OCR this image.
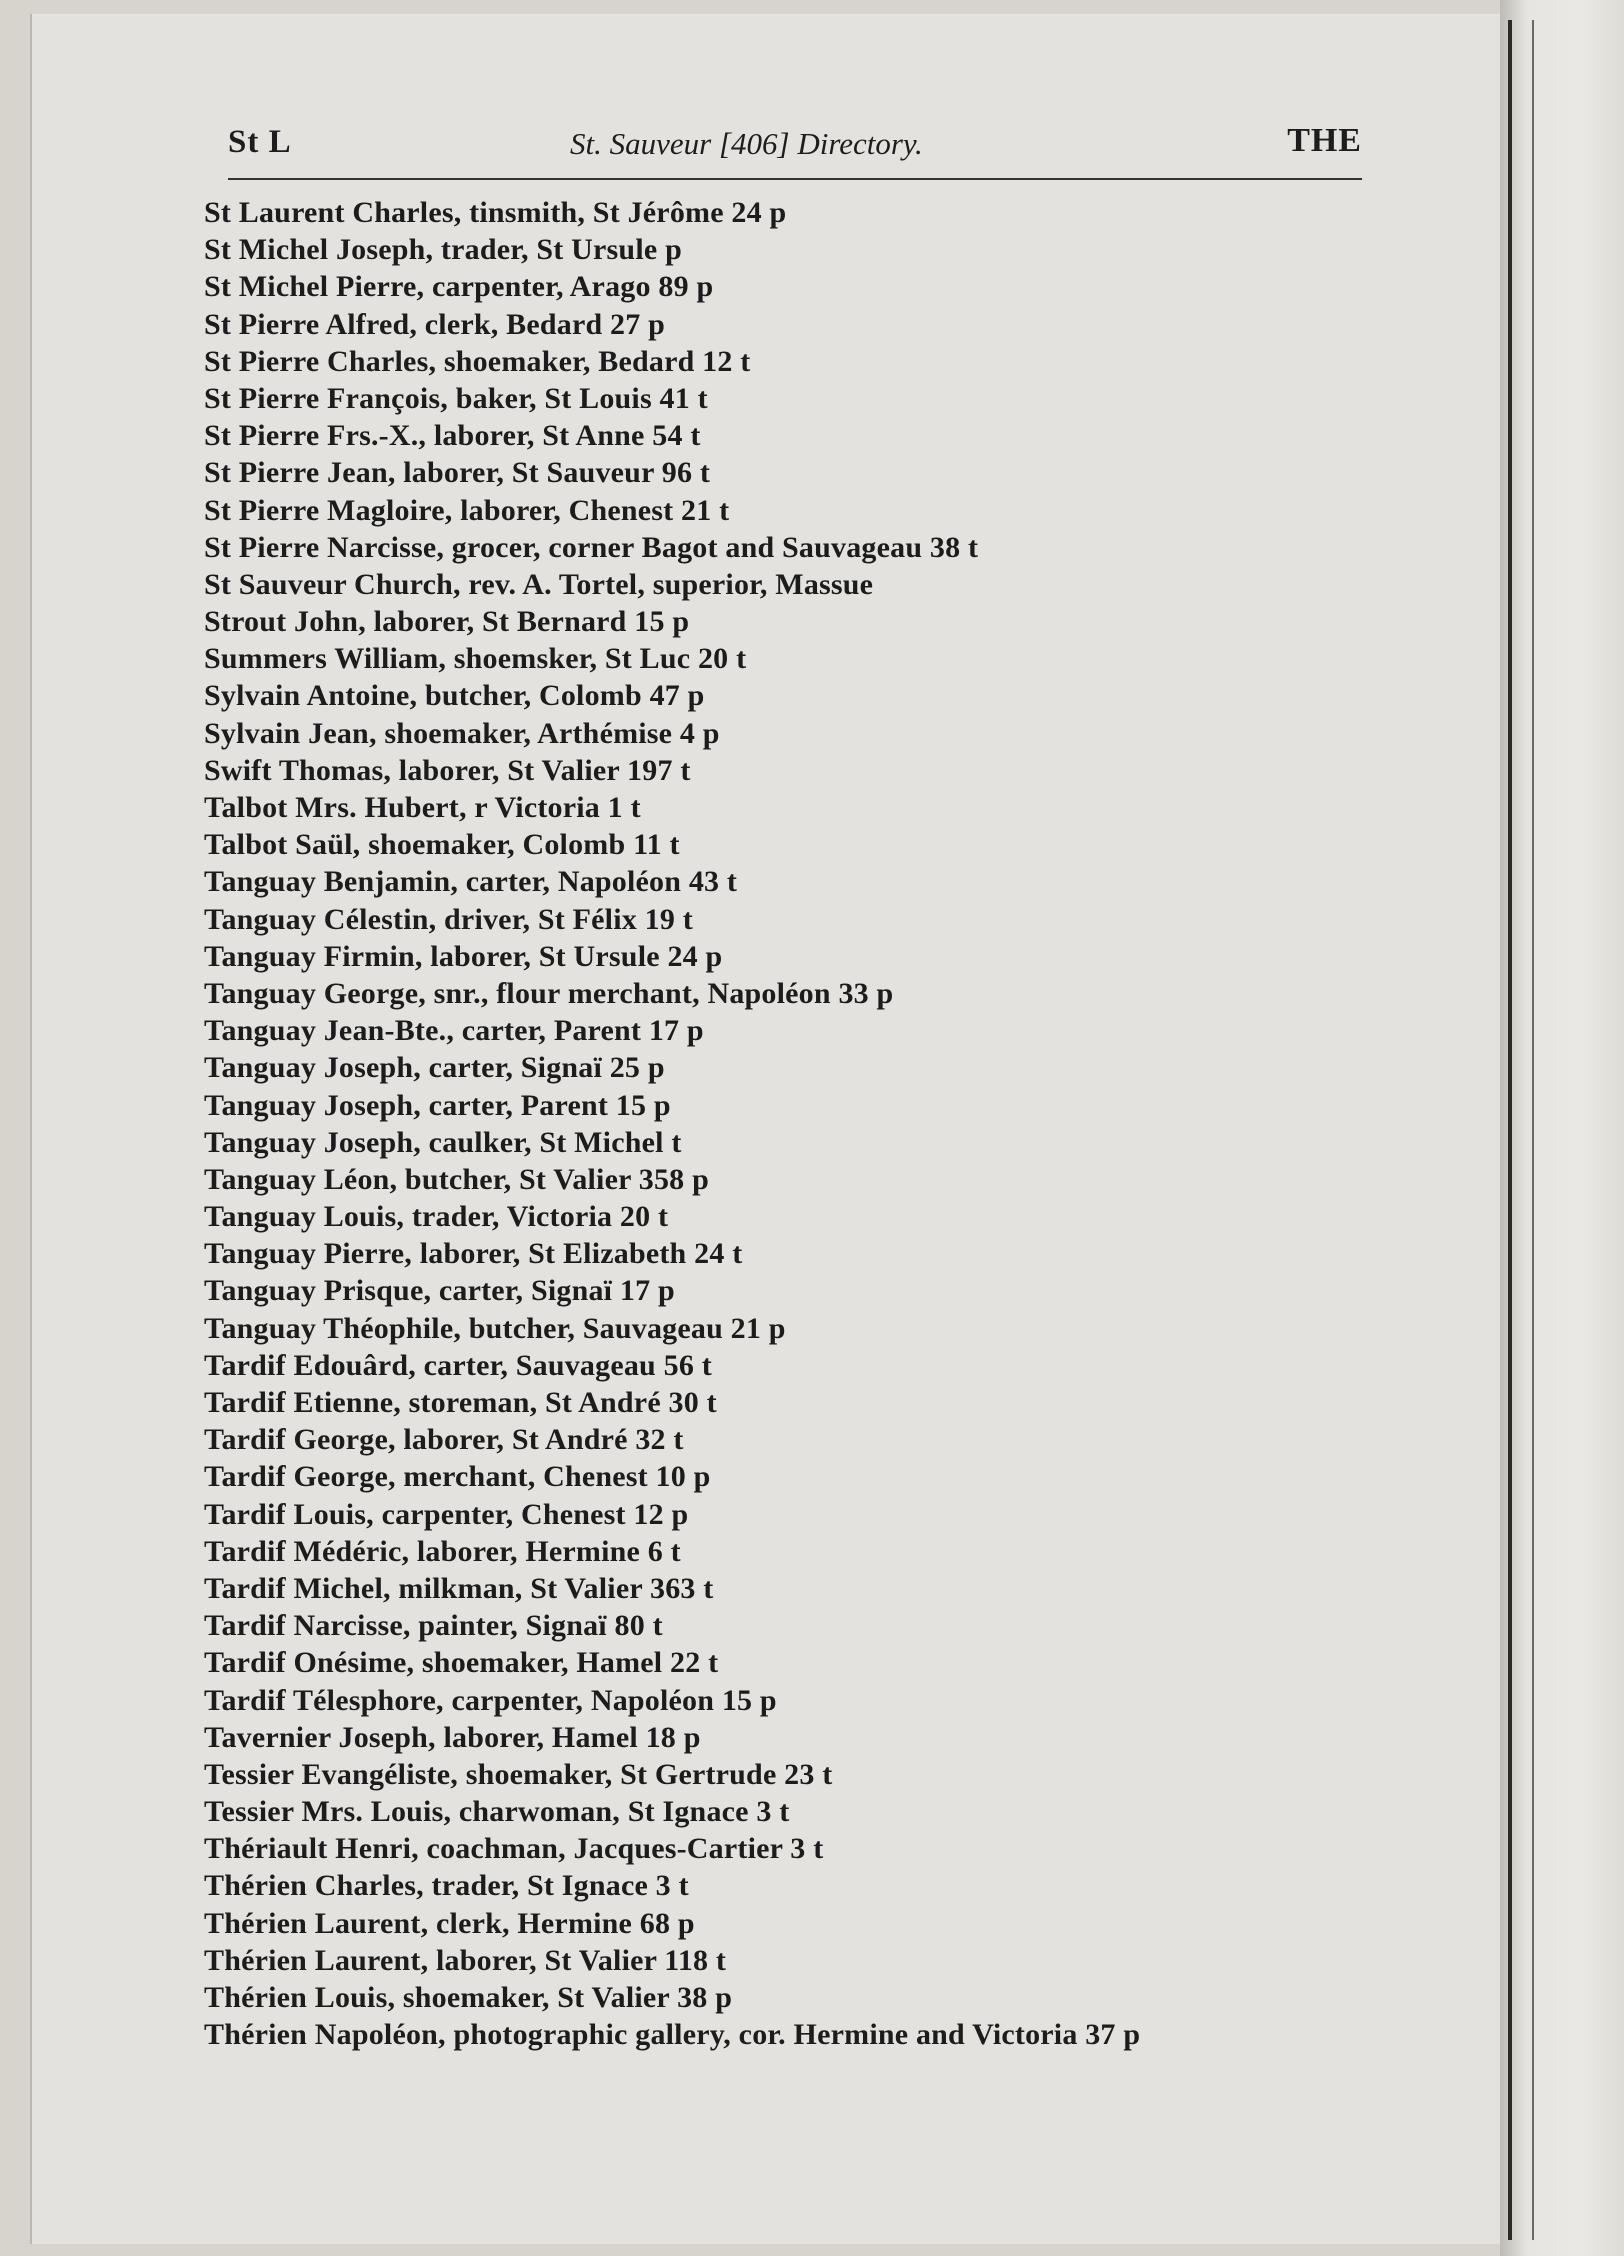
St L	St. Sauveur [406] Directory.	THE
St Laurent Charles, tinsmith, St Jérôme 24 p
St Michel Joseph, trader, St Ursule p
St Michel Pierre, carpenter, Arago 89 p
St Pierre Alfred, clerk, Bedard 27 p
St Pierre Charles, shoemaker, Bedard 12 t
St Pierre François, baker, St Louis 41 t
St Pierre Frs.-X., laborer, St Anne 54 t
St Pierre Jean, laborer, St Sauveur 96 t
St Pierre Magloire, laborer, Chenest 21 t
St Pierre Narcisse, grocer, corner Bagot and Sauvageau 38 t
St Sauveur Church, rev. A. Tortel, superior, Massue
Strout John, laborer, St Bernard 15 p
Summers William, shoemsker, St Luc 20 t
Sylvain Antoine, butcher, Colomb 47 p
Sylvain Jean, shoemaker, Arthémise 4 p
Swift Thomas, laborer, St Valier 197 t
Talbot Mrs. Hubert, r Victoria 1 t
Talbot Saül, shoemaker, Colomb 11 t
Tanguay Benjamin, carter, Napoléon 43 t
Tanguay Célestin, driver, St Félix 19 t
Tanguay Firmin, laborer, St Ursule 24 p
Tanguay George, snr., flour merchant, Napoléon 33 p
Tanguay Jean-Bte., carter, Parent 17 p
Tanguay Joseph, carter, Signaï 25 p
Tanguay Joseph, carter, Parent 15 p
Tanguay Joseph, caulker, St Michel t
Tanguay Léon, butcher, St Valier 358 p
Tanguay Louis, trader, Victoria 20 t
Tanguay Pierre, laborer, St Elizabeth 24 t
Tanguay Prisque, carter, Signaï 17 p
Tanguay Théophile, butcher, Sauvageau 21 p
Tardif Edouârd, carter, Sauvageau 56 t
Tardif Etienne, storeman, St André 30 t
Tardif George, laborer, St André 32 t
Tardif George, merchant, Chenest 10 p
Tardif Louis, carpenter, Chenest 12 p
Tardif Médéric, laborer, Hermine 6 t
Tardif Michel, milkman, St Valier 363 t
Tardif Narcisse, painter, Signaï 80 t
Tardif Onésime, shoemaker, Hamel 22 t
Tardif Télesphore, carpenter, Napoléon 15 p
Tavernier Joseph, laborer, Hamel 18 p
Tessier Evangéliste, shoemaker, St Gertrude 23 t
Tessier Mrs. Louis, charwoman, St Ignace 3 t
Thériault Henri, coachman, Jacques-Cartier 3 t
Thérien Charles, trader, St Ignace 3 t
Thérien Laurent, clerk, Hermine 68 p
Thérien Laurent, laborer, St Valier 118 t
Thérien Louis, shoemaker, St Valier 38 p
Thérien Napoléon, photographic gallery, cor. Hermine and Victoria 37 p
